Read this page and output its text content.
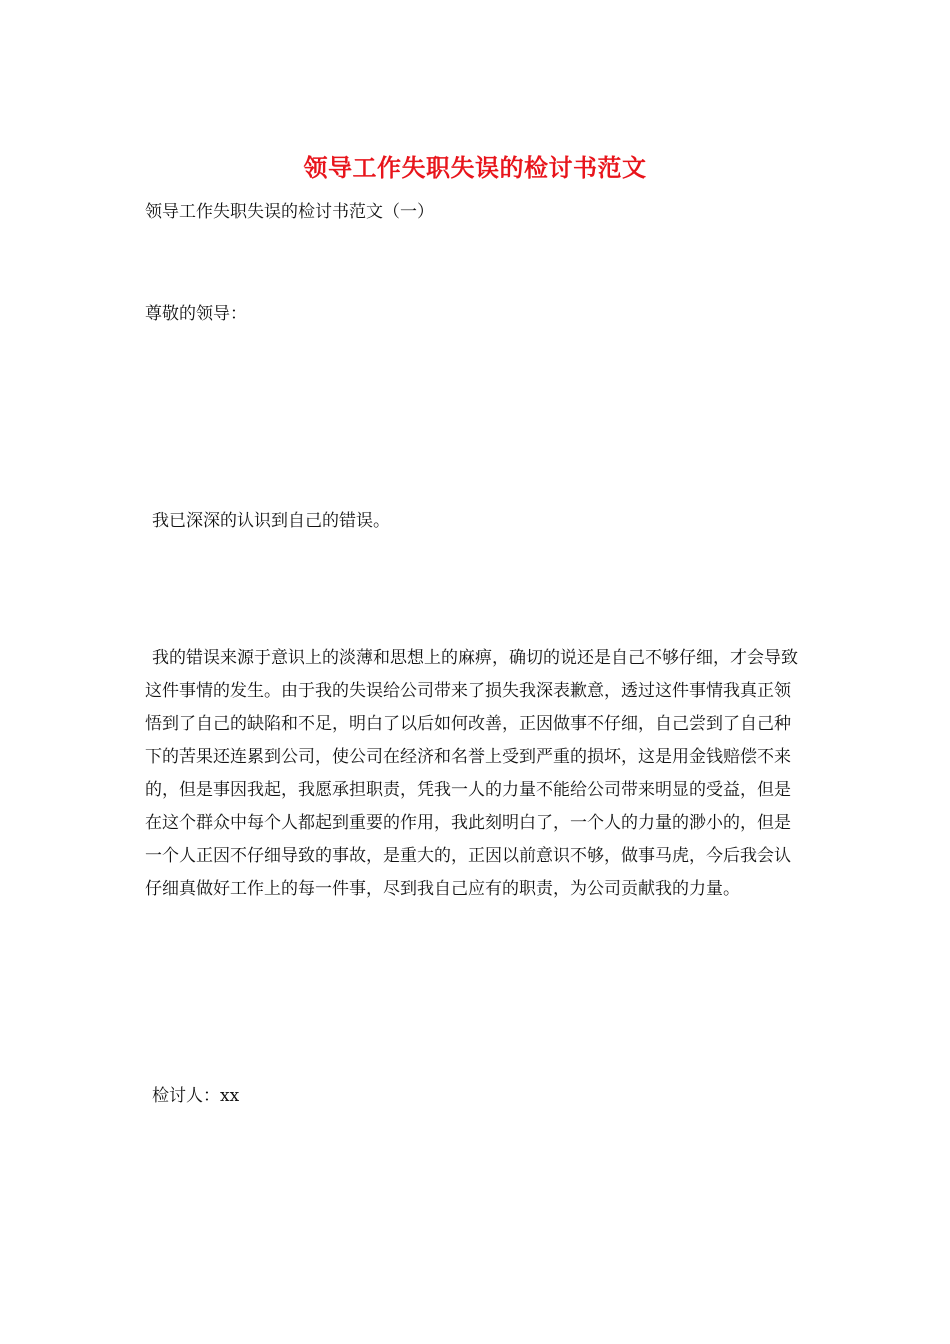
领导工作失职失误的检讨书范文

领导工作失职失误的检讨书范文（一）

尊敬的领导：

我已深深的认识到自己的错误。

我的错误来源于意识上的淡薄和思想上的麻痹，确切的说还是自己不够仔细，才会导致这件事情的发生。由于我的失误给公司带来了损失我深表歉意，透过这件事情我真正领悟到了自己的缺陷和不足，明白了以后如何改善，正因做事不仔细，自己尝到了自己种下的苦果还连累到公司，使公司在经济和名誉上受到严重的损坏，这是用金钱赔偿不来的，但是事因我起，我愿承担职责，凭我一人的力量不能给公司带来明显的受益，但是在这个群众中每个人都起到重要的作用，我此刻明白了，一个人的力量的渺小的，但是一个人正因不仔细导致的事故，是重大的，正因以前意识不够，做事马虎，今后我会认仔细真做好工作上的每一件事，尽到我自己应有的职责，为公司贡献我的力量。

检讨人：xx
